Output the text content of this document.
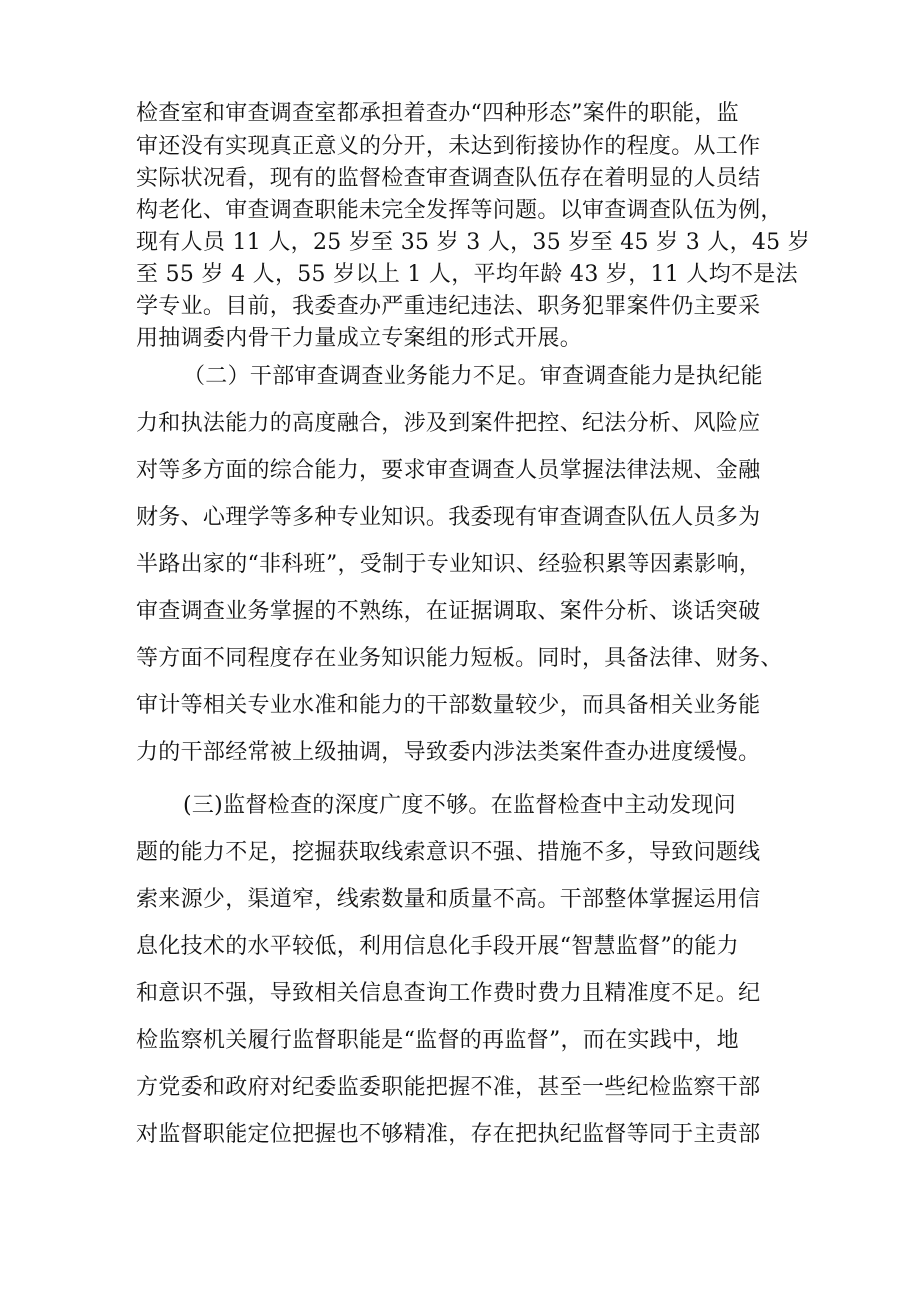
检查室和审查调查室都承担着查办“四种形态”案件的职能，监
审还没有实现真正意义的分开，未达到衔接协作的程度。从工作
实际状况看，现有的监督检查审查调查队伍存在着明显的人员结
构老化、审查调查职能未完全发挥等问题。以审查调查队伍为例，
现有人员 11 人，25 岁至 35 岁 3 人，35 岁至 45 岁 3 人，45 岁
至 55 岁 4 人，55 岁以上 1 人，平均年龄 43 岁，11 人均不是法
学专业。目前，我委查办严重违纪违法、职务犯罪案件仍主要采
用抽调委内骨干力量成立专案组的形式开展。
（二）干部审查调查业务能力不足。审查调查能力是执纪能
力和执法能力的高度融合，涉及到案件把控、纪法分析、风险应
对等多方面的综合能力，要求审查调查人员掌握法律法规、金融
财务、心理学等多种专业知识。我委现有审查调查队伍人员多为
半路出家的“非科班”，受制于专业知识、经验积累等因素影响，
审查调查业务掌握的不熟练，在证据调取、案件分析、谈话突破
等方面不同程度存在业务知识能力短板。同时，具备法律、财务、
审计等相关专业水准和能力的干部数量较少，而具备相关业务能
力的干部经常被上级抽调，导致委内涉法类案件查办进度缓慢。
(三)监督检查的深度广度不够。在监督检查中主动发现问
题的能力不足，挖掘获取线索意识不强、措施不多，导致问题线
索来源少，渠道窄，线索数量和质量不高。干部整体掌握运用信
息化技术的水平较低，利用信息化手段开展“智慧监督”的能力
和意识不强，导致相关信息查询工作费时费力且精准度不足。纪
检监察机关履行监督职能是“监督的再监督”，而在实践中，地
方党委和政府对纪委监委职能把握不准，甚至一些纪检监察干部
对监督职能定位把握也不够精准，存在把执纪监督等同于主责部
